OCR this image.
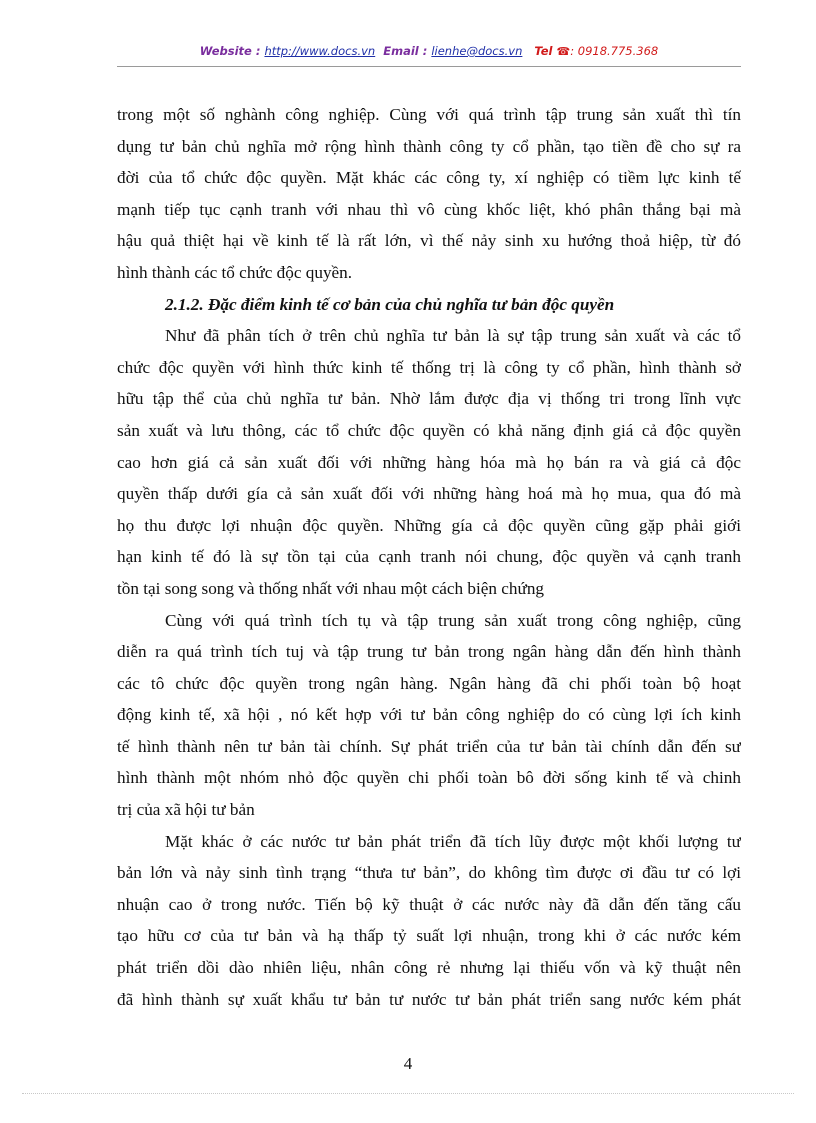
Website : http://www.docs.vn Email : lienhe@docs.vn Tel ☎: 0918.775.368
trong một số nghành công nghiệp. Cùng với quá trình tập trung sản xuất thì tín
dụng tư bản chủ nghĩa mở rộng hình thành công ty cổ phần, tạo tiền đề cho sự ra
đời của tổ chức độc quyền. Mặt khác các công ty, xí nghiệp có tiềm lực kinh tế
mạnh tiếp tục cạnh tranh với nhau thì vô cùng khốc liệt, khó phân thắng bại mà
hậu quả thiệt hại về kinh tế là rất lớn, vì thế nảy sinh xu hướng thoả hiệp, từ đó
hình thành các tổ chức độc quyền.
2.1.2. Đặc điểm kinh tế cơ bản của chủ nghĩa tư bản độc quyền
Như đã phân tích ở trên chủ nghĩa tư bản là sự tập trung sản xuất và các tổ
chức độc quyền với hình thức kinh tế thống trị là công ty cổ phần, hình thành sở
hữu tập thể của chủ nghĩa tư bản. Nhờ lắm được địa vị thống tri trong lĩnh vực
sản xuất và lưu thông, các tổ chức độc quyền có khả năng định giá cả độc quyền
cao hơn giá cả sản xuất đối với những hàng hóa mà họ bán ra và giá cả độc
quyền thấp dưới gía cả sản xuất đối với những hàng hoá mà họ mua, qua đó mà
họ thu được lợi nhuận độc quyền. Những gía cả độc quyền cũng gặp phải giới
hạn kinh tế đó là sự tồn tại của cạnh tranh nói chung, độc quyền vả cạnh tranh
tồn tại song song và thống nhất với nhau một cách biện chứng
Cùng với quá trình tích tụ và tập trung sản xuất trong công nghiệp, cũng
diễn ra quá trình tích tuj và tập trung tư bản trong ngân hàng dẫn đến hình thành
các tô chức độc quyền trong ngân hàng. Ngân hàng đã chi phối toàn bộ hoạt
động kinh tế, xã hội , nó kết hợp với tư bản công nghiệp do có cùng lợi ích kinh
tế hình thành nên tư bản tài chính. Sự phát triển của tư bản tài chính dẫn đến sư
hình thành một nhóm nhỏ độc quyền chi phối toàn bô đời sống kinh tế và chinh
trị của xã hội tư bản
Mặt khác ở các nước tư bản phát triển đã tích lũy được một khối lượng tư
bản lớn và nảy sinh tình trạng “thưa tư bản”, do không tìm được ơi đầu tư có lợi
nhuận cao ở trong nước. Tiến bộ kỹ thuật ở các nước này đã dẫn đến tăng cấu
tạo hữu cơ của tư bản và hạ thấp tỷ suất lợi nhuận, trong khi ở các nước kém
phát triển dồi dào nhiên liệu, nhân công rẻ nhưng lại thiếu vốn và kỹ thuật nên
đã hình thành sự xuất khẩu tư bản tư nước tư bản phát triển sang nước kém phát
4
